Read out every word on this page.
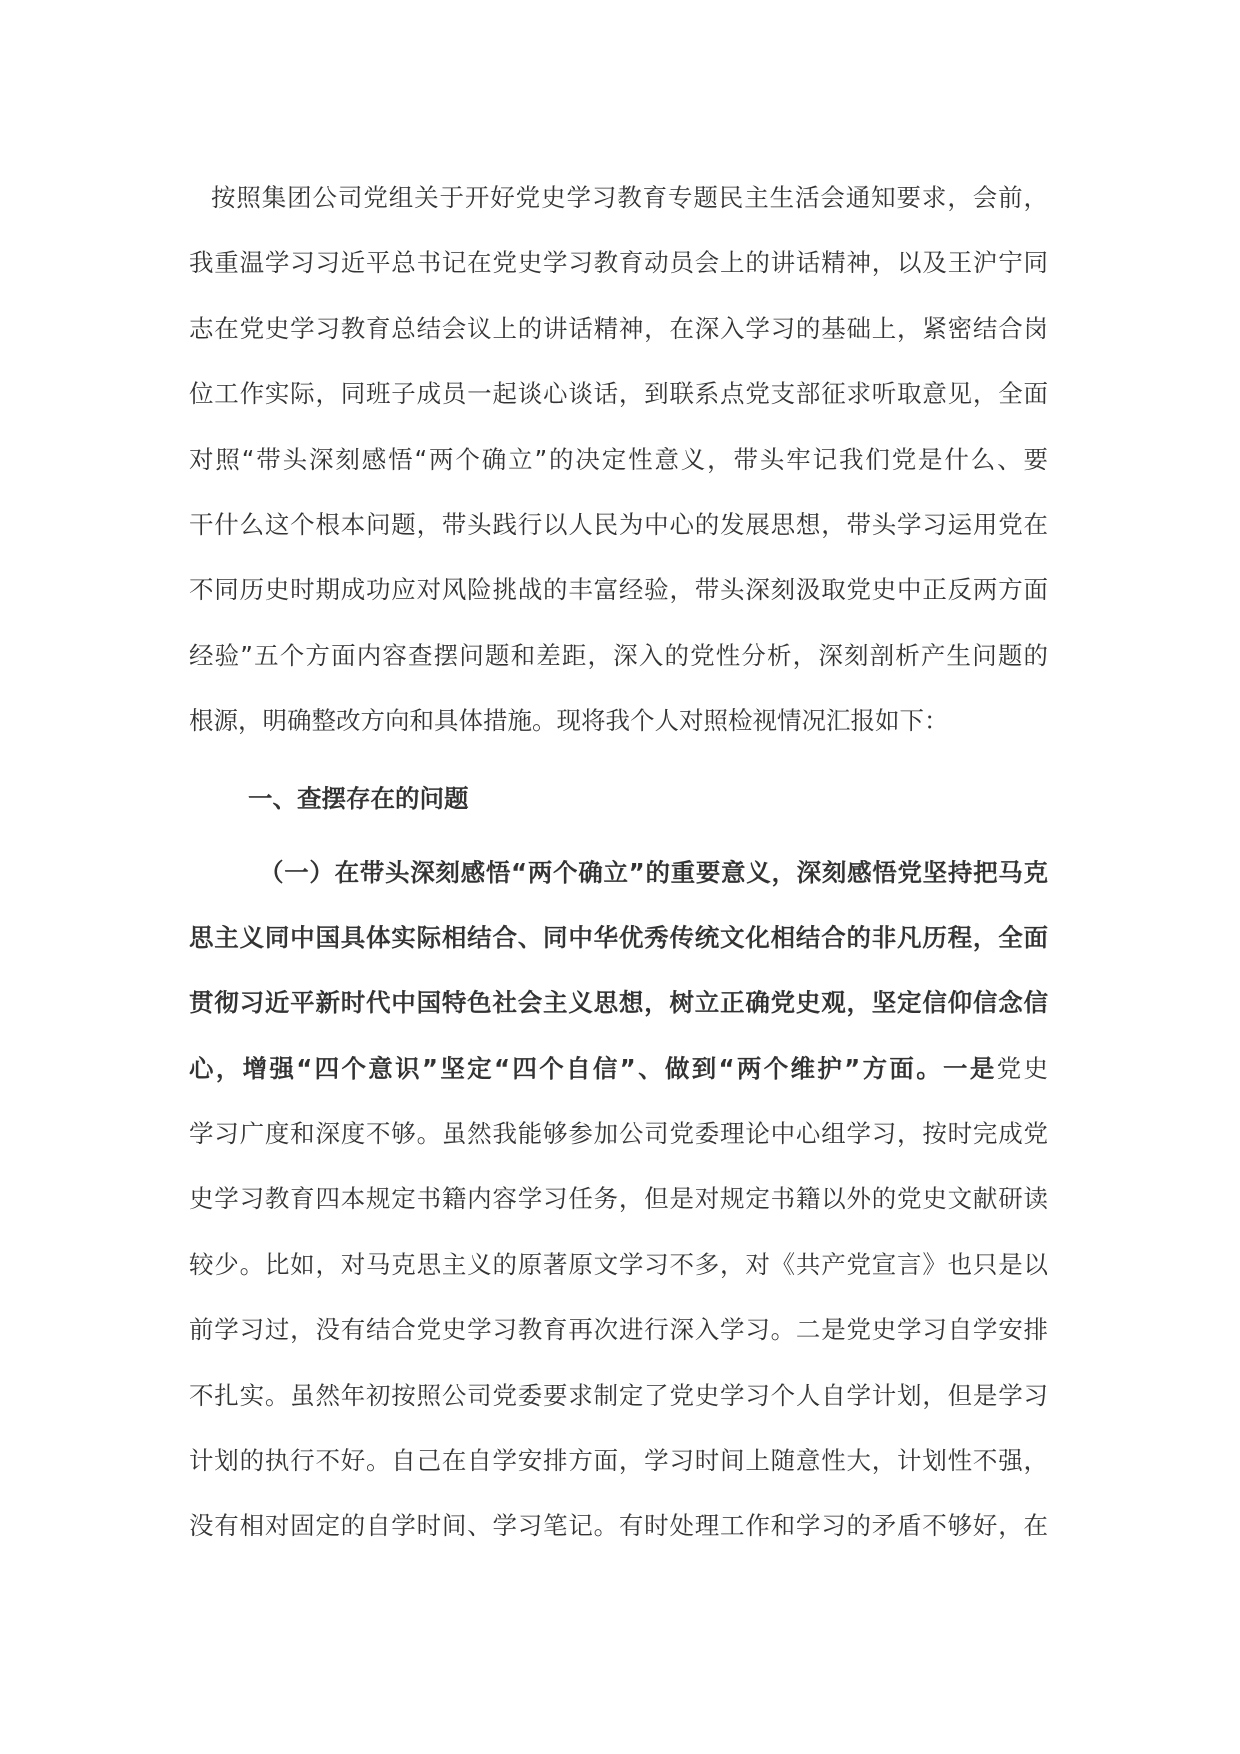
按照集团公司党组关于开好党史学习教育专题民主生活会通知要求，会前，
我重温学习习近平总书记在党史学习教育动员会上的讲话精神，以及王沪宁同
志在党史学习教育总结会议上的讲话精神，在深入学习的基础上，紧密结合岗
位工作实际，同班子成员一起谈心谈话，到联系点党支部征求听取意见，全面
对照“带头深刻感悟“两个确立”的决定性意义，带头牢记我们党是什么、要
干什么这个根本问题，带头践行以人民为中心的发展思想，带头学习运用党在
不同历史时期成功应对风险挑战的丰富经验，带头深刻汲取党史中正反两方面
经验”五个方面内容查摆问题和差距，深入的党性分析，深刻剖析产生问题的
根源，明确整改方向和具体措施。现将我个人对照检视情况汇报如下：
一、查摆存在的问题
（一）在带头深刻感悟“两个确立”的重要意义，深刻感悟党坚持把马克
思主义同中国具体实际相结合、同中华优秀传统文化相结合的非凡历程，全面
贯彻习近平新时代中国特色社会主义思想，树立正确党史观，坚定信仰信念信
心，增强“四个意识”坚定“四个自信”、做到“两个维护”方面。一是党史
学习广度和深度不够。虽然我能够参加公司党委理论中心组学习，按时完成党
史学习教育四本规定书籍内容学习任务，但是对规定书籍以外的党史文献研读
较少。比如，对马克思主义的原著原文学习不多，对《共产党宣言》也只是以
前学习过，没有结合党史学习教育再次进行深入学习。二是党史学习自学安排
不扎实。虽然年初按照公司党委要求制定了党史学习个人自学计划，但是学习
计划的执行不好。自己在自学安排方面，学习时间上随意性大，计划性不强，
没有相对固定的自学时间、学习笔记。有时处理工作和学习的矛盾不够好，在
